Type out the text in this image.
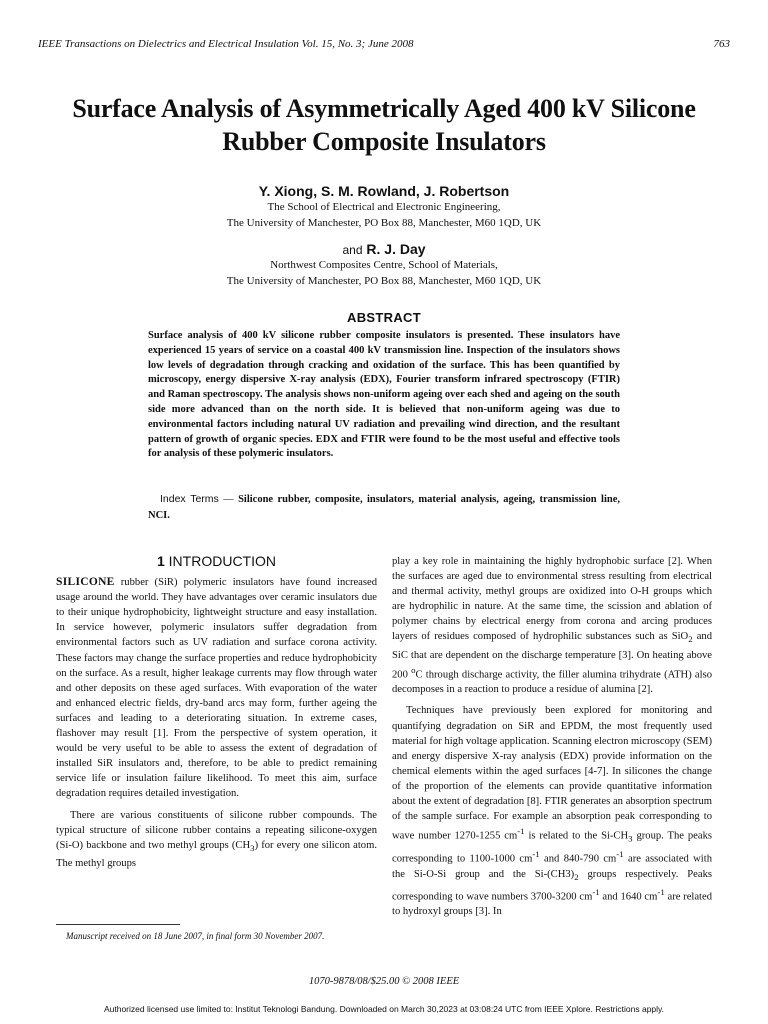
IEEE Transactions on Dielectrics and Electrical Insulation Vol. 15, No. 3; June 2008	763
Surface Analysis of Asymmetrically Aged 400 kV Silicone
Rubber Composite Insulators
Y. Xiong, S. M. Rowland, J. Robertson
The School of Electrical and Electronic Engineering,
The University of Manchester, PO Box 88, Manchester, M60 1QD, UK
and R. J. Day
Northwest Composites Centre, School of Materials,
The University of Manchester, PO Box 88, Manchester, M60 1QD, UK
ABSTRACT
Surface analysis of 400 kV silicone rubber composite insulators is presented. These insulators have experienced 15 years of service on a coastal 400 kV transmission line. Inspection of the insulators shows low levels of degradation through cracking and oxidation of the surface. This has been quantified by microscopy, energy dispersive X-ray analysis (EDX), Fourier transform infrared spectroscopy (FTIR) and Raman spectroscopy. The analysis shows non-uniform ageing over each shed and ageing on the south side more advanced than on the north side. It is believed that non-uniform ageing was due to environmental factors including natural UV radiation and prevailing wind direction, and the resultant pattern of growth of organic species. EDX and FTIR were found to be the most useful and effective tools for analysis of these polymeric insulators.
Index Terms — Silicone rubber, composite, insulators, material analysis, ageing, transmission line, NCI.
1 INTRODUCTION

SILICONE rubber (SiR) polymeric insulators have found increased usage around the world. They have advantages over ceramic insulators due to their unique hydrophobicity, lightweight structure and easy installation. In service however, polymeric insulators suffer degradation from environmental factors such as UV radiation and surface corona activity. These factors may change the surface properties and reduce hydrophobicity on the surface. As a result, higher leakage currents may flow through water and other deposits on these aged surfaces. With evaporation of the water and enhanced electric fields, dry-band arcs may form, further ageing the surfaces and leading to a deteriorating situation. In extreme cases, flashover may result [1]. From the perspective of system operation, it would be very useful to be able to assess the extent of degradation of installed SiR insulators and, therefore, to be able to predict remaining service life or insulation failure likelihood. To meet this aim, surface degradation requires detailed investigation.

There are various constituents of silicone rubber compounds. The typical structure of silicone rubber contains a repeating silicone-oxygen (Si-O) backbone and two methyl groups $(CH_3)$ for every one silicon atom. The methyl groups

play a key role in maintaining the highly hydrophobic surface [2]. When the surfaces are aged due to environmental stress resulting from electrical and thermal activity, methyl groups are oxidized into O-H groups which are hydrophilic in nature. At the same time, the scission and ablation of polymer chains by electrical energy from corona and arcing produces layers of residues composed of hydrophilic substances such as SiO$_2$ and SiC that are dependent on the discharge temperature [3]. On heating above 200 $^o$C through discharge activity, the filler alumina trihydrate (ATH) also decomposes in a reaction to produce a residue of alumina [2].

Techniques have previously been explored for monitoring and quantifying degradation on SiR and EPDM, the most frequently used material for high voltage application. Scanning electron microscopy (SEM) and energy dispersive X-ray analysis (EDX) provide information on the chemical elements within the aged surfaces [4-7]. In silicones the change of the proportion of the elements can provide quantitative information about the extent of degradation [8]. FTIR generates an absorption spectrum of the sample surface. For example an absorption peak corresponding to wave number 1270-1255 $cm^{-1}$ is related to the $Si-CH_3$ group. The peaks corresponding to 1100-1000 $cm^{-1}$ and 840-790 $cm^{-1}$ are associated with the Si-O-Si group and the $Si-(CH3)_2$ groups respectively. Peaks corresponding to wave numbers 3700-3200 $cm^{-1}$ and 1640 $cm^{-1}$ are related to hydroxyl groups [3]. In

Manuscript received on 18 June 2007, in final form 30 November 2007.
1070-9878/08/$25.00 © 2008 IEEE
Authorized licensed use limited to: Institut Teknologi Bandung. Downloaded on March 30,2023 at 03:08:24 UTC from IEEE Xplore. Restrictions apply.
